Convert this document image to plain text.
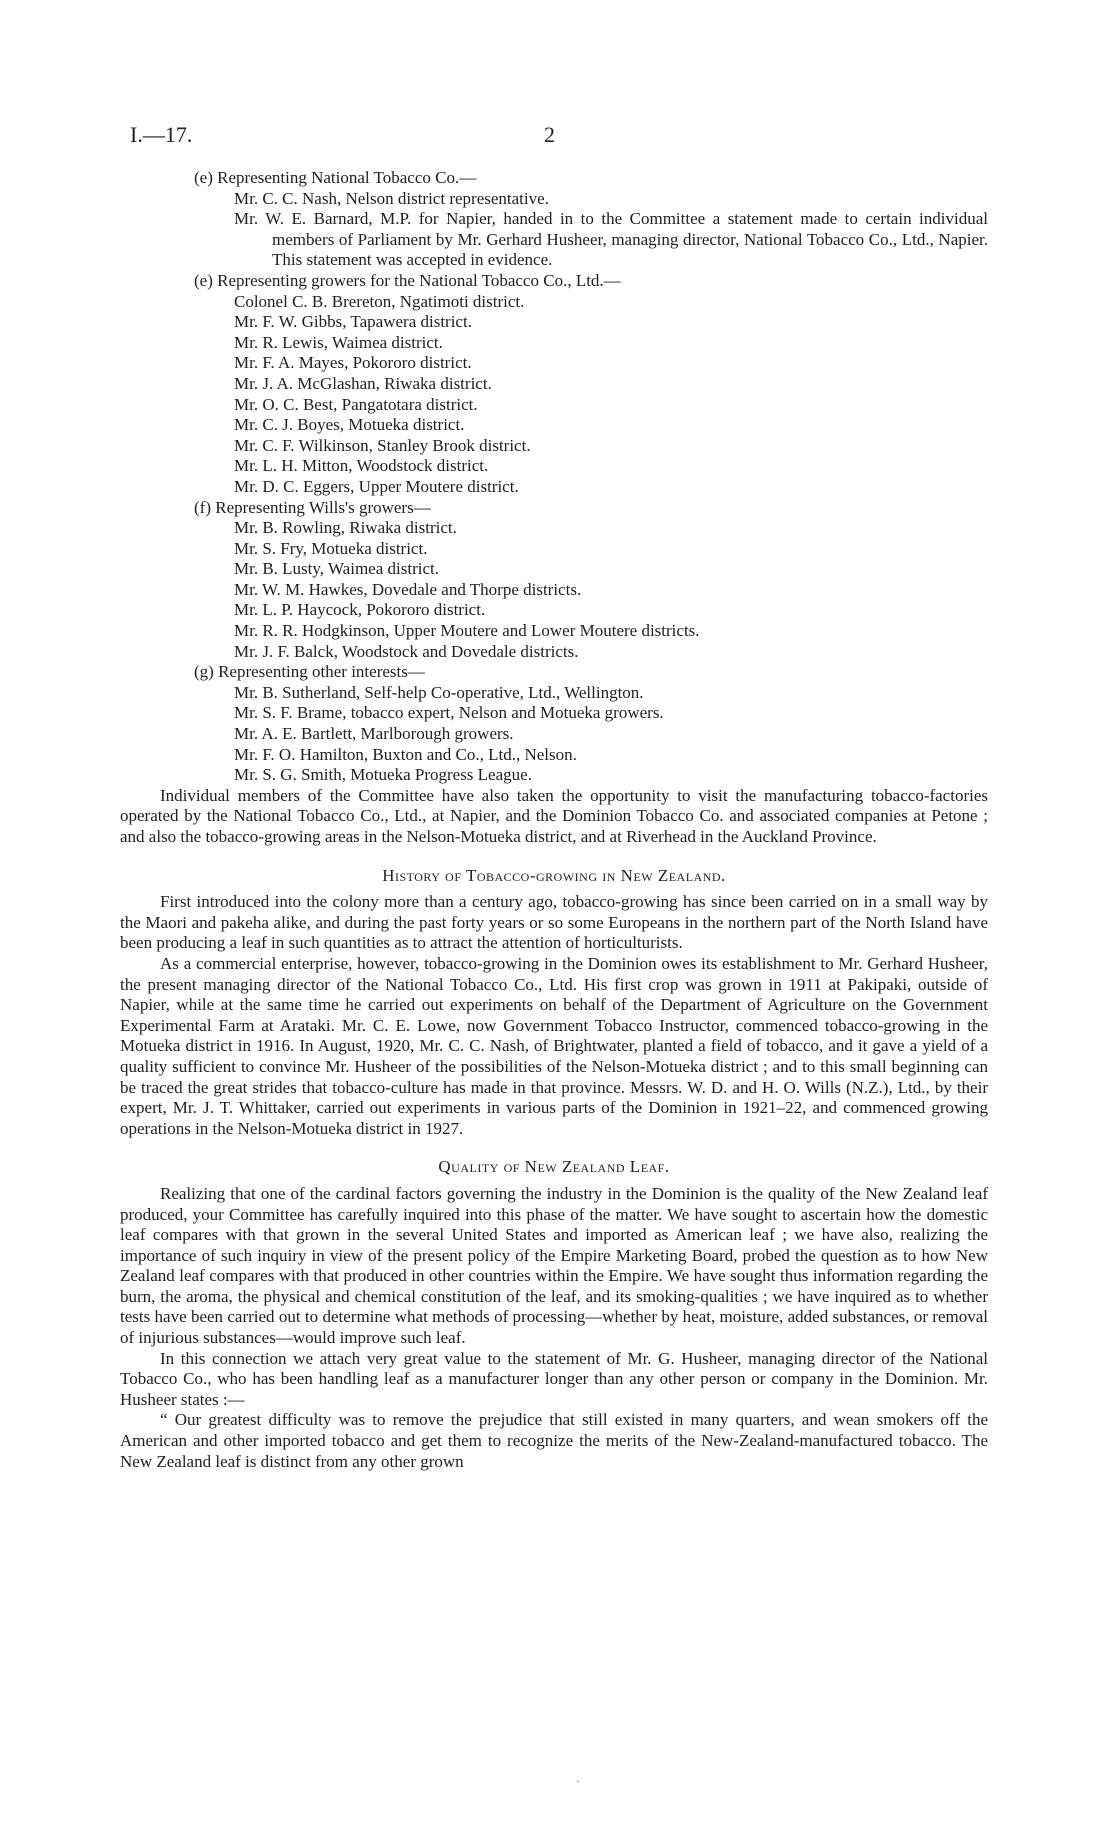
I.—17.	2
(e) Representing National Tobacco Co.—
Mr. C. C. Nash, Nelson district representative.
Mr. W. E. Barnard, M.P. for Napier, handed in to the Committee a statement made to certain individual members of Parliament by Mr. Gerhard Husheer, managing director, National Tobacco Co., Ltd., Napier. This statement was accepted in evidence.
(e) Representing growers for the National Tobacco Co., Ltd.—
Colonel C. B. Brereton, Ngatimoti district.
Mr. F. W. Gibbs, Tapawera district.
Mr. R. Lewis, Waimea district.
Mr. F. A. Mayes, Pokororo district.
Mr. J. A. McGlashan, Riwaka district.
Mr. O. C. Best, Pangatotara district.
Mr. C. J. Boyes, Motueka district.
Mr. C. F. Wilkinson, Stanley Brook district.
Mr. L. H. Mitton, Woodstock district.
Mr. D. C. Eggers, Upper Moutere district.
(f) Representing Wills's growers—
Mr. B. Rowling, Riwaka district.
Mr. S. Fry, Motueka district.
Mr. B. Lusty, Waimea district.
Mr. W. M. Hawkes, Dovedale and Thorpe districts.
Mr. L. P. Haycock, Pokororo district.
Mr. R. R. Hodgkinson, Upper Moutere and Lower Moutere districts.
Mr. J. F. Balck, Woodstock and Dovedale districts.
(g) Representing other interests—
Mr. B. Sutherland, Self-help Co-operative, Ltd., Wellington.
Mr. S. F. Brame, tobacco expert, Nelson and Motueka growers.
Mr. A. E. Bartlett, Marlborough growers.
Mr. F. O. Hamilton, Buxton and Co., Ltd., Nelson.
Mr. S. G. Smith, Motueka Progress League.
Individual members of the Committee have also taken the opportunity to visit the manufacturing tobacco-factories operated by the National Tobacco Co., Ltd., at Napier, and the Dominion Tobacco Co. and associated companies at Petone ; and also the tobacco-growing areas in the Nelson-Motueka district, and at Riverhead in the Auckland Province.
History of Tobacco-growing in New Zealand.
First introduced into the colony more than a century ago, tobacco-growing has since been carried on in a small way by the Maori and pakeha alike, and during the past forty years or so some Europeans in the northern part of the North Island have been producing a leaf in such quantities as to attract the attention of horticulturists.
As a commercial enterprise, however, tobacco-growing in the Dominion owes its establishment to Mr. Gerhard Husheer, the present managing director of the National Tobacco Co., Ltd. His first crop was grown in 1911 at Pakipaki, outside of Napier, while at the same time he carried out experiments on behalf of the Department of Agriculture on the Government Experimental Farm at Arataki. Mr. C. E. Lowe, now Government Tobacco Instructor, commenced tobacco-growing in the Motueka district in 1916. In August, 1920, Mr. C. C. Nash, of Brightwater, planted a field of tobacco, and it gave a yield of a quality sufficient to convince Mr. Husheer of the possibilities of the Nelson-Motueka district ; and to this small beginning can be traced the great strides that tobacco-culture has made in that province. Messrs. W. D. and H. O. Wills (N.Z.), Ltd., by their expert, Mr. J. T. Whittaker, carried out experiments in various parts of the Dominion in 1921–22, and commenced growing operations in the Nelson-Motueka district in 1927.
Quality of New Zealand Leaf.
Realizing that one of the cardinal factors governing the industry in the Dominion is the quality of the New Zealand leaf produced, your Committee has carefully inquired into this phase of the matter. We have sought to ascertain how the domestic leaf compares with that grown in the several United States and imported as American leaf ; we have also, realizing the importance of such inquiry in view of the present policy of the Empire Marketing Board, probed the question as to how New Zealand leaf compares with that produced in other countries within the Empire. We have sought thus information regarding the burn, the aroma, the physical and chemical constitution of the leaf, and its smoking-qualities ; we have inquired as to whether tests have been carried out to determine what methods of processing—whether by heat, moisture, added substances, or removal of injurious substances—would improve such leaf.
In this connection we attach very great value to the statement of Mr. G. Husheer, managing director of the National Tobacco Co., who has been handling leaf as a manufacturer longer than any other person or company in the Dominion. Mr. Husheer states :—
“ Our greatest difficulty was to remove the prejudice that still existed in many quarters, and wean smokers off the American and other imported tobacco and get them to recognize the merits of the New-Zealand-manufactured tobacco. The New Zealand leaf is distinct from any other grown
·
